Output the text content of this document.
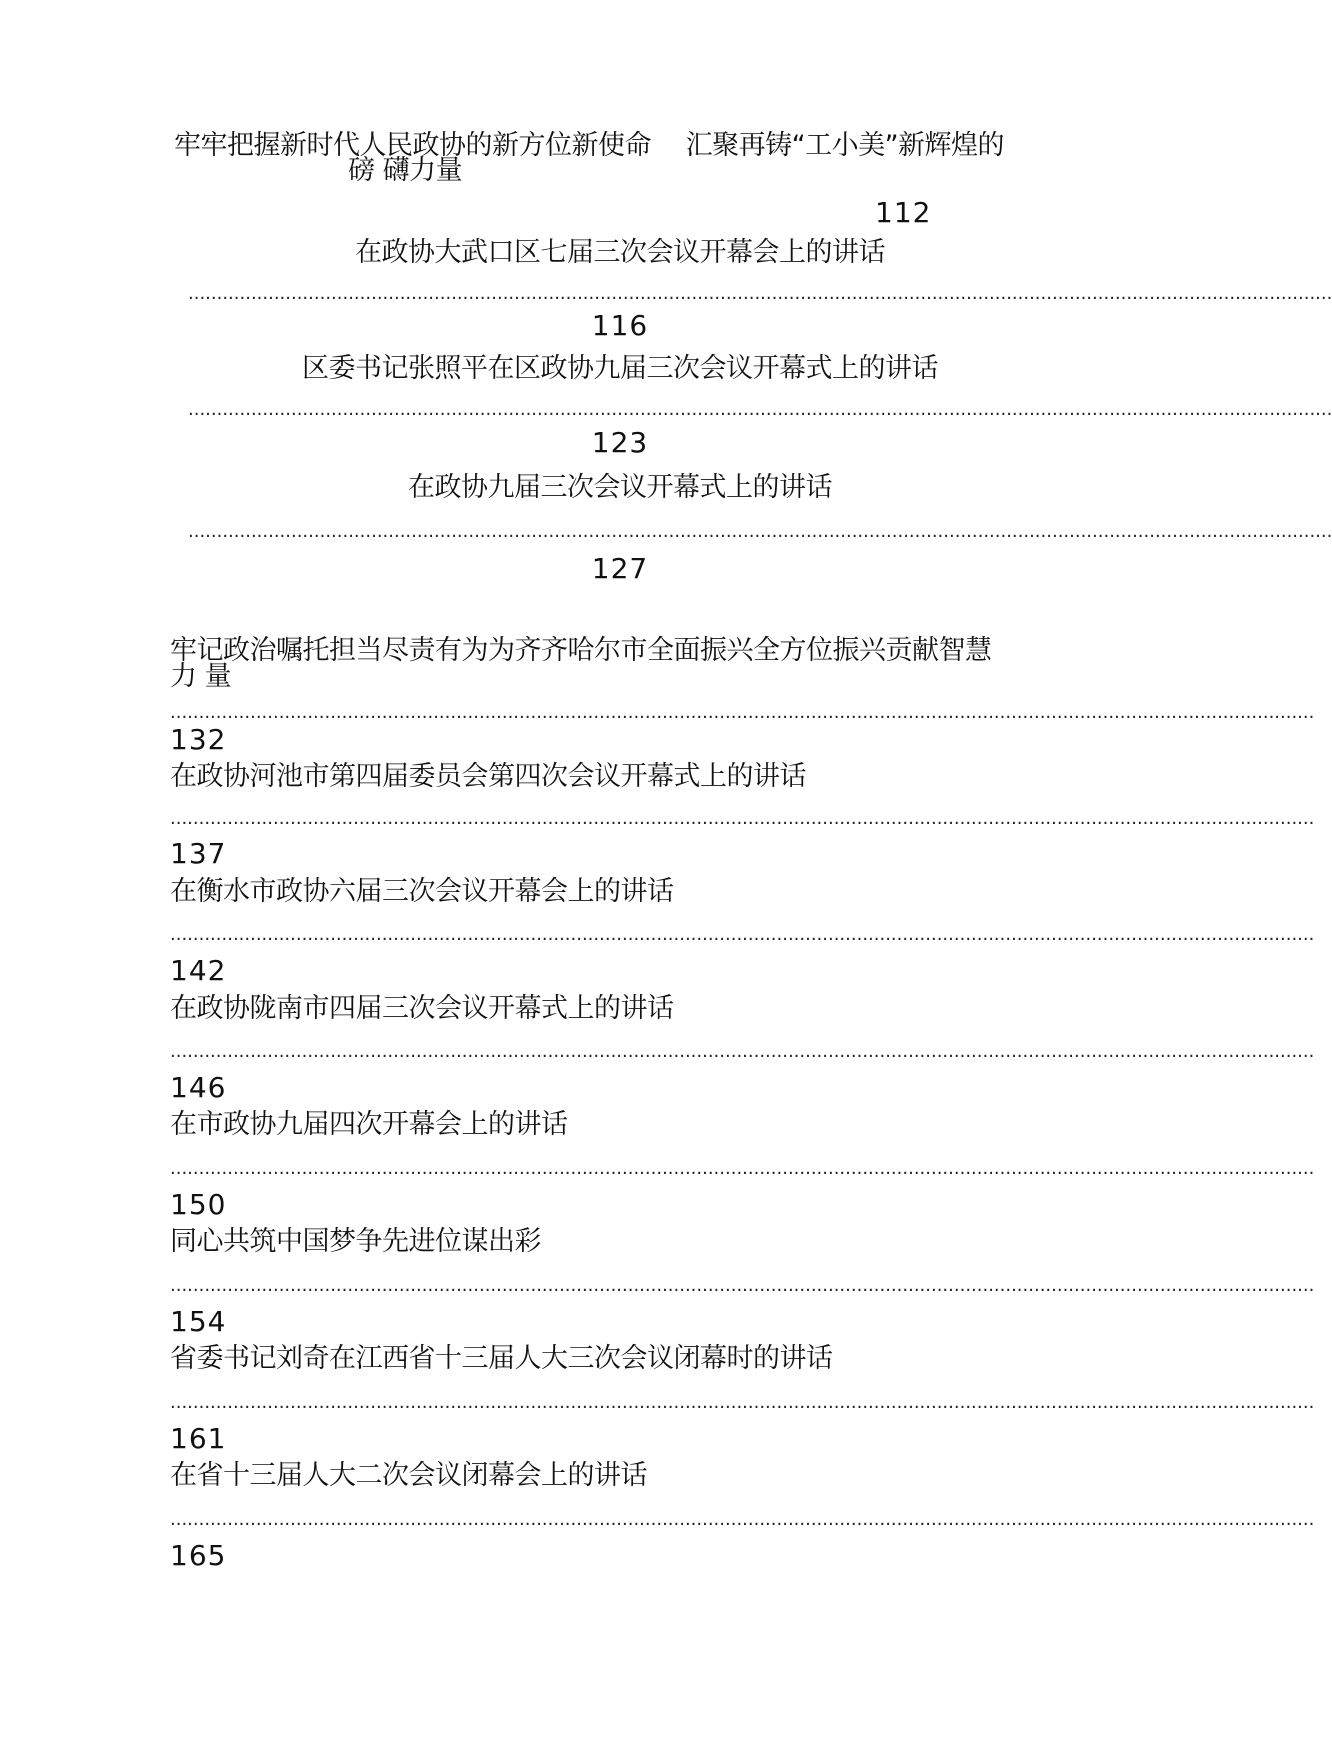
牢牢把握新时代人民政协的新方位新使命　 汇聚再铸“工小美”新辉煌的
磅 礴力量
112
在政协大武口区七届三次会议开幕会上的讲话
........................................................................................................................................................................................................
116
区委书记张照平在区政协九届三次会议开幕式上的讲话
........................................................................................................................................................................................................
123
在政协九届三次会议开幕式上的讲话
........................................................................................................................................................................................................
127
牢记政治嘱托担当尽责有为为齐齐哈尔市全面振兴全方位振兴贡献智慧
力 量
........................................................................................................................................................................................................
132
在政协河池市第四届委员会第四次会议开幕式上的讲话
........................................................................................................................................................................................................
137
在衡水市政协六届三次会议开幕会上的讲话
........................................................................................................................................................................................................
142
在政协陇南市四届三次会议开幕式上的讲话
........................................................................................................................................................................................................
146
在市政协九届四次开幕会上的讲话
........................................................................................................................................................................................................
150
同心共筑中国梦争先进位谋出彩
........................................................................................................................................................................................................
154
省委书记刘奇在江西省十三届人大三次会议闭幕时的讲话
........................................................................................................................................................................................................
161
在省十三届人大二次会议闭幕会上的讲话
........................................................................................................................................................................................................
165
